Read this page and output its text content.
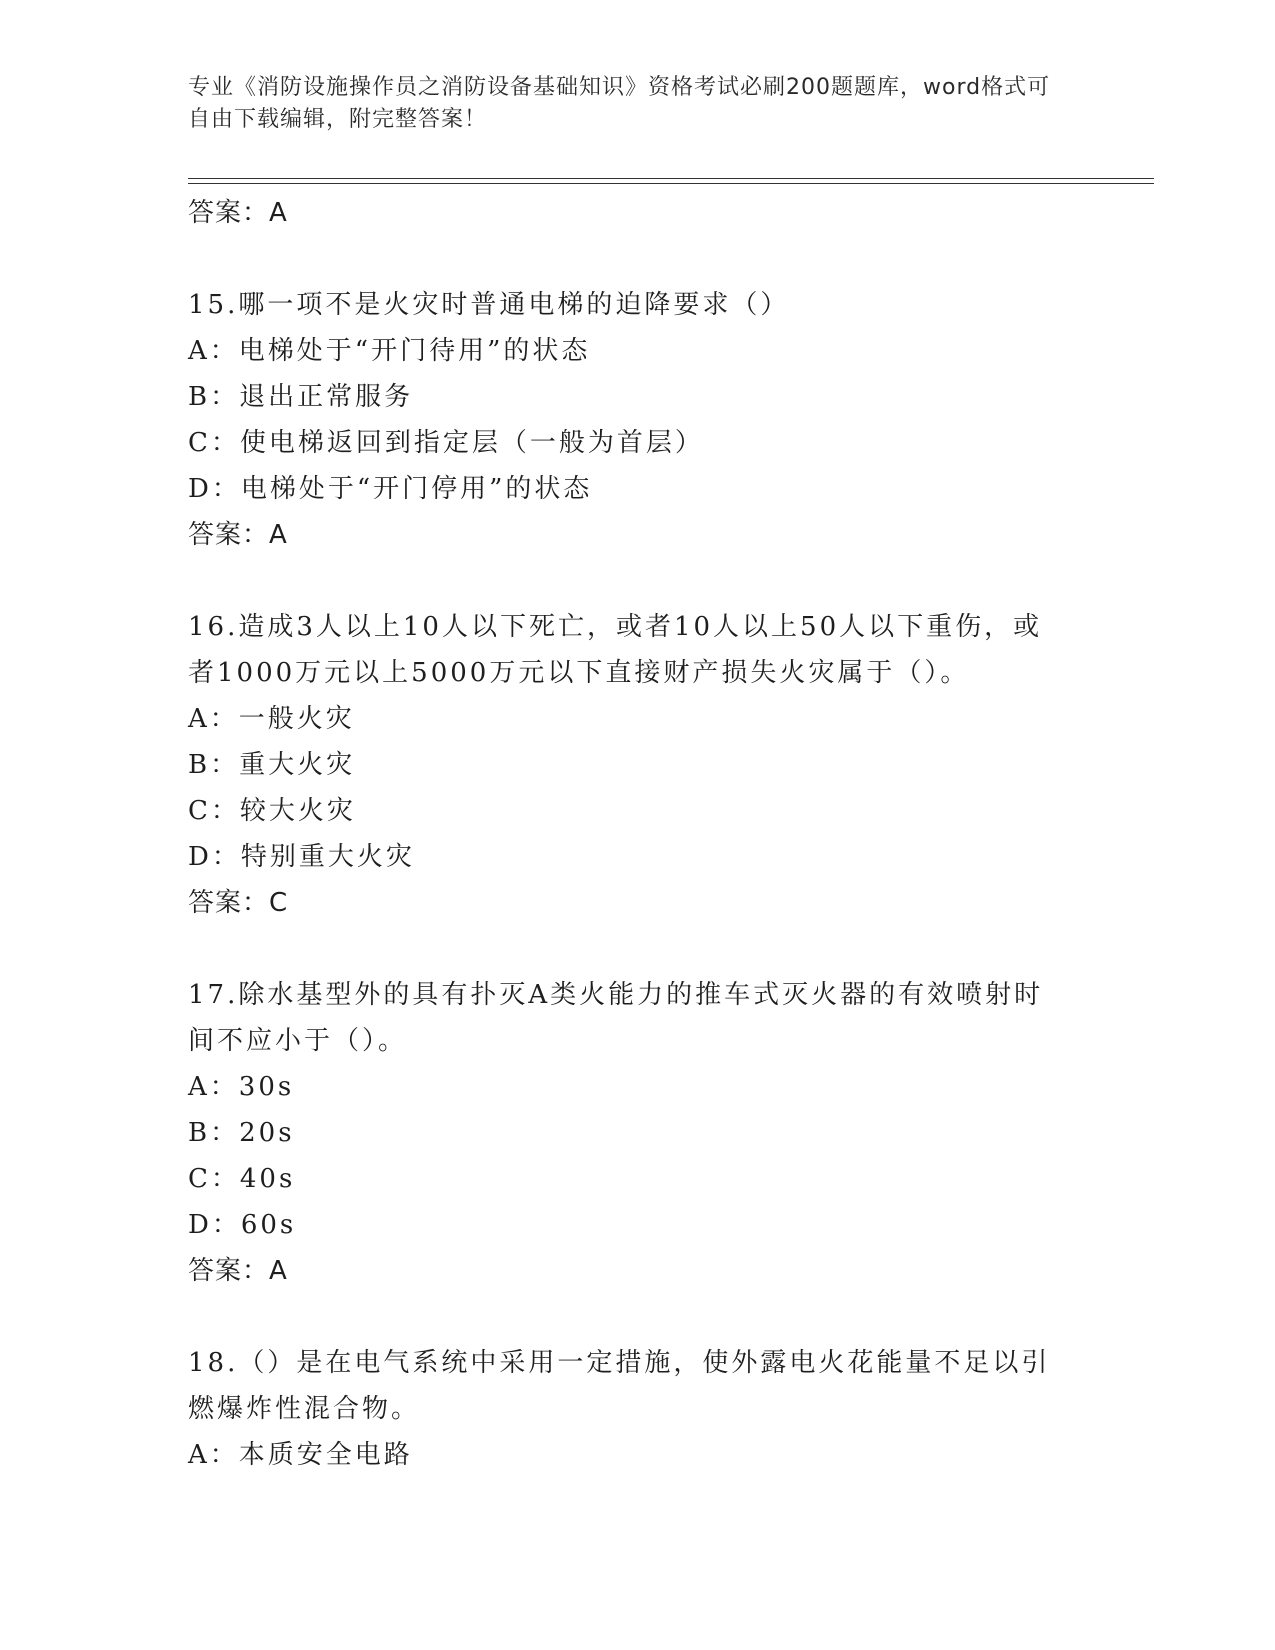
专业《消防设施操作员之消防设备基础知识》资格考试必刷200题题库，word格式可自由下载编辑，附完整答案！
答案：A
15.哪一项不是火灾时普通电梯的迫降要求（）
A：电梯处于“开门待用”的状态
B：退出正常服务
C：使电梯返回到指定层（一般为首层）
D：电梯处于“开门停用”的状态
答案：A
16.造成3人以上10人以下死亡，或者10人以上50人以下重伤，或者1000万元以上5000万元以下直接财产损失火灾属于（）。
A：一般火灾
B：重大火灾
C：较大火灾
D：特别重大火灾
答案：C
17.除水基型外的具有扑灭A类火能力的推车式灭火器的有效喷射时间不应小于（）。
A：30s
B：20s
C：40s
D：60s
答案：A
18.（）是在电气系统中采用一定措施，使外露电火花能量不足以引燃爆炸性混合物。
A：本质安全电路
